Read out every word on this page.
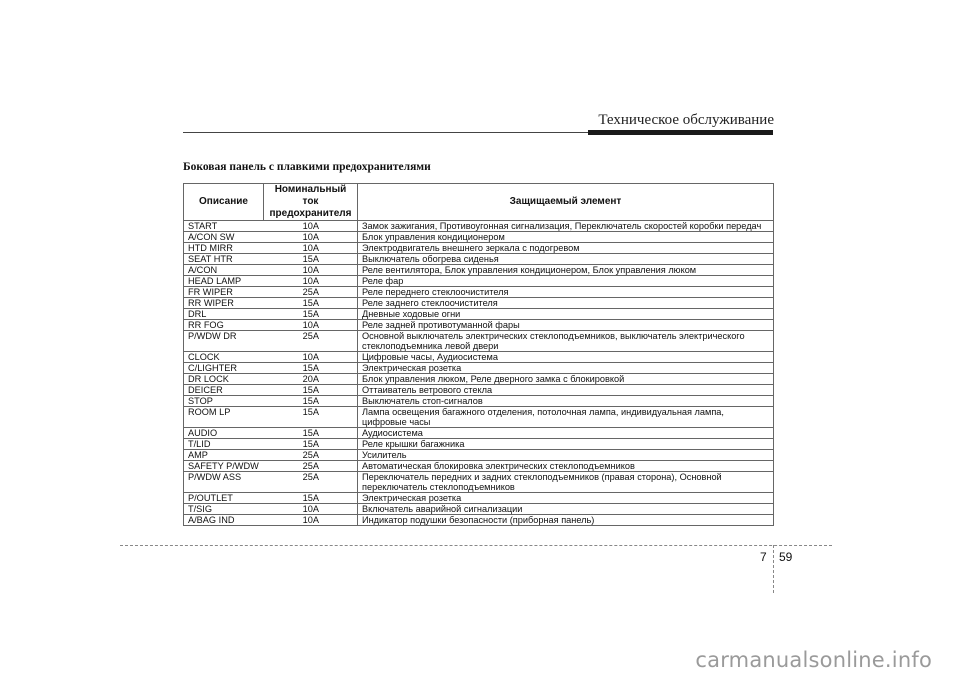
Техническое обслуживание
Боковая панель с плавкими предохранителями
Описание	Номинальный ток предохранителя	Защищаемый элемент
START	10A	Замок зажигания, Противоугонная сигнализация, Переключатель скоростей коробки передач
A/CON SW	10A	Блок управления кондиционером
HTD MIRR	10A	Электродвигатель внешнего зеркала с подогревом
SEAT HTR	15A	Выключатель обогрева сиденья
A/CON	10A	Реле вентилятора, Блок управления кондиционером, Блок управления люком
HEAD LAMP	10A	Реле фар
FR WIPER	25A	Реле переднего стеклоочистителя
RR WIPER	15A	Реле заднего стеклоочистителя
DRL	15A	Дневные ходовые огни
RR FOG	10A	Реле задней противотуманной фары
P/WDW DR	25A	Основной выключатель электрических стеклоподъемников, выключатель электрического стеклоподъемника левой двери
CLOCK	10A	Цифровые часы, Аудиосистема
C/LIGHTER	15A	Электрическая розетка
DR LOCK	20A	Блок управления люком, Реле дверного замка с блокировкой
DEICER	15A	Оттаиватель ветрового стекла
STOP	15A	Выключатель стоп-сигналов
ROOM LP	15A	Лампа освещения багажного отделения, потолочная лампа, индивидуальная лампа, цифровые часы
AUDIO	15A	Аудиосистема
T/LID	15A	Реле крышки багажника
AMP	25A	Усилитель
SAFETY P/WDW	25A	Автоматическая блокировка электрических стеклоподъемников
P/WDW ASS	25A	Переключатель передних и задних стеклоподъемников (правая сторона), Основной переключатель стеклоподъемников
P/OUTLET	15A	Электрическая розетка
T/SIG	10A	Включатель аварийной сигнализации
A/BAG IND	10A	Индикатор подушки безопасности (приборная панель)
7 59
carmanualsonline.info
